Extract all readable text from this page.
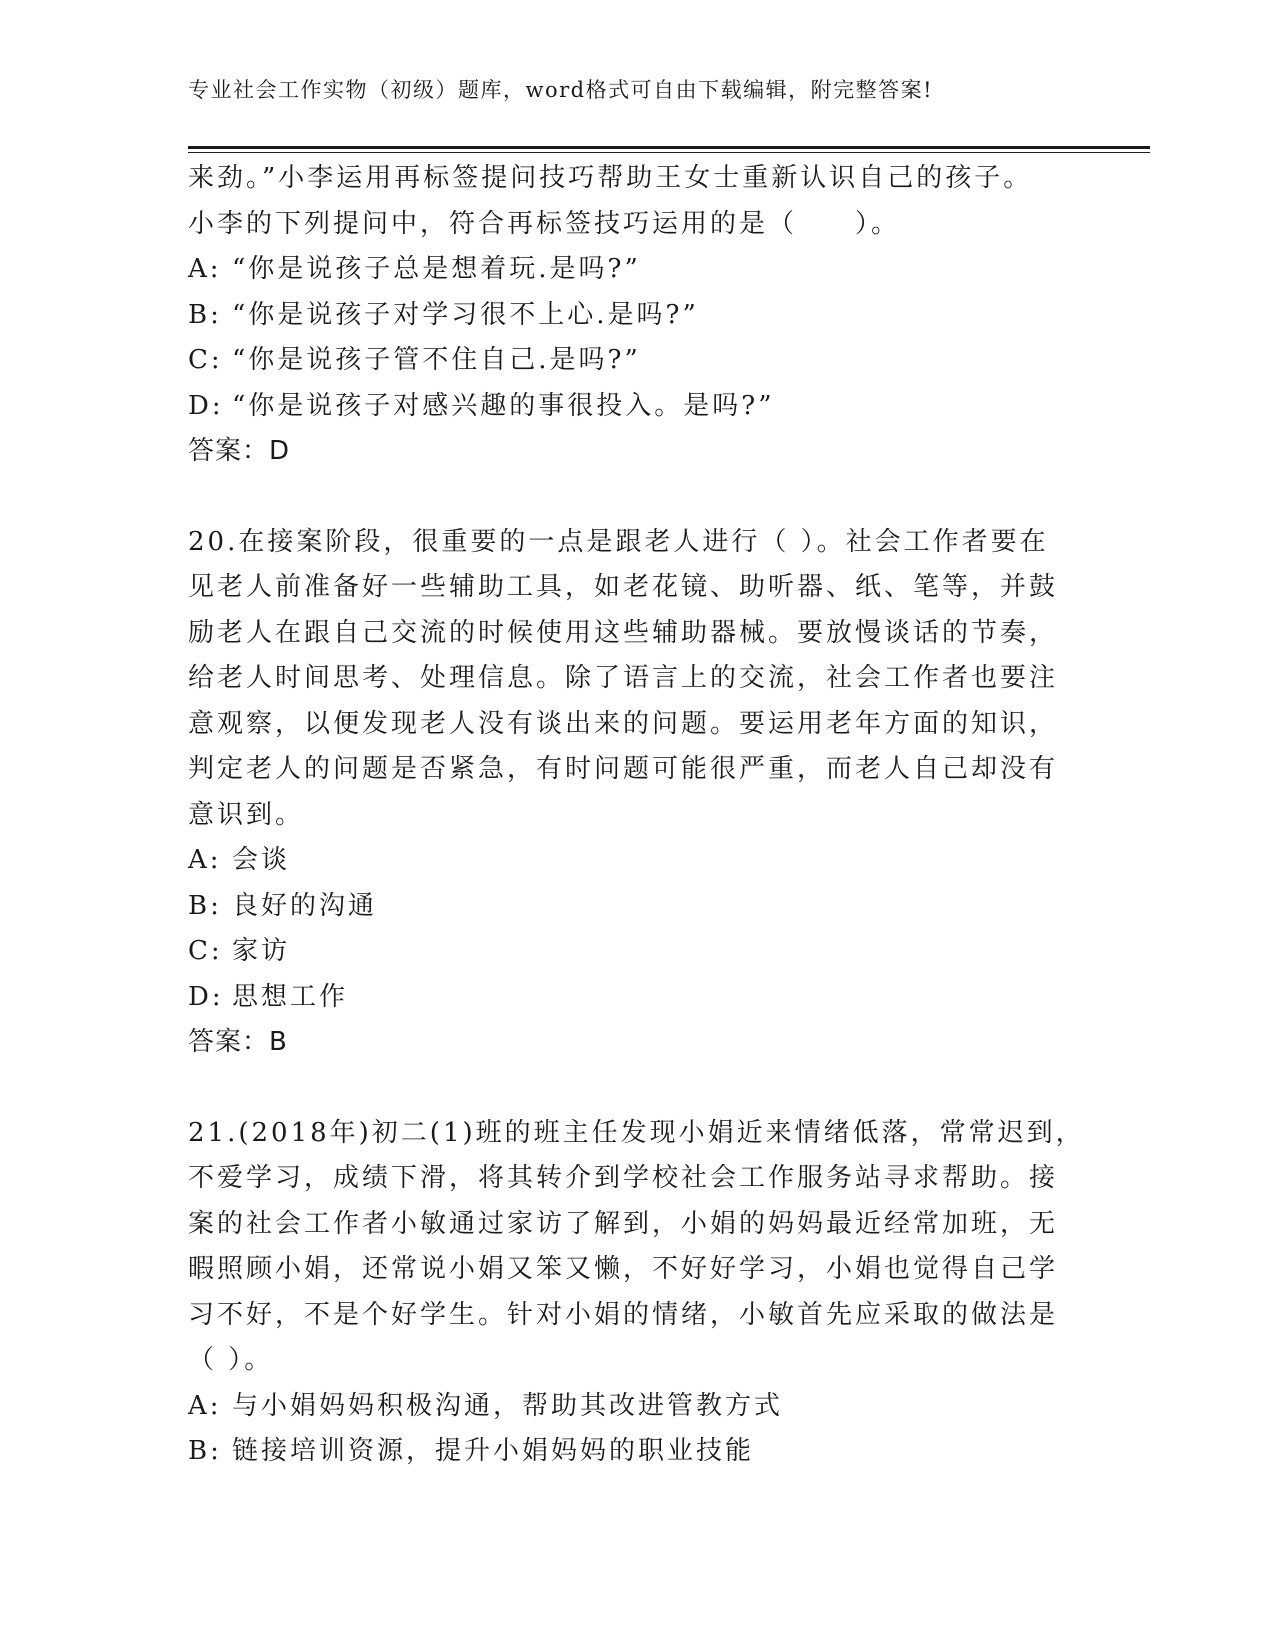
专业社会工作实物（初级）题库，word格式可自由下载编辑，附完整答案!
来劲。”小李运用再标签提问技巧帮助王女士重新认识自己的孩子。
小李的下列提问中，符合再标签技巧运用的是（　　）。
A: “你是说孩子总是想着玩.是吗?”
B: “你是说孩子对学习很不上心.是吗?”
C: “你是说孩子管不住自己.是吗?”
D: “你是说孩子对感兴趣的事很投入。是吗?”
答案：D
20.在接案阶段，很重要的一点是跟老人进行（ ）。社会工作者要在
见老人前准备好一些辅助工具，如老花镜、助听器、纸、笔等，并鼓
励老人在跟自己交流的时候使用这些辅助器械。要放慢谈话的节奏，
给老人时间思考、处理信息。除了语言上的交流，社会工作者也要注
意观察，以便发现老人没有谈出来的问题。要运用老年方面的知识，
判定老人的问题是否紧急，有时问题可能很严重，而老人自己却没有
意识到。
A: 会谈
B: 良好的沟通
C: 家访
D: 思想工作
答案：B
21.(2018年)初二(1)班的班主任发现小娟近来情绪低落，常常迟到，
不爱学习，成绩下滑，将其转介到学校社会工作服务站寻求帮助。接
案的社会工作者小敏通过家访了解到，小娟的妈妈最近经常加班，无
暇照顾小娟，还常说小娟又笨又懒，不好好学习，小娟也觉得自己学
习不好，不是个好学生。针对小娟的情绪，小敏首先应采取的做法是
（ ）。
A: 与小娟妈妈积极沟通，帮助其改进管教方式
B: 链接培训资源，提升小娟妈妈的职业技能
